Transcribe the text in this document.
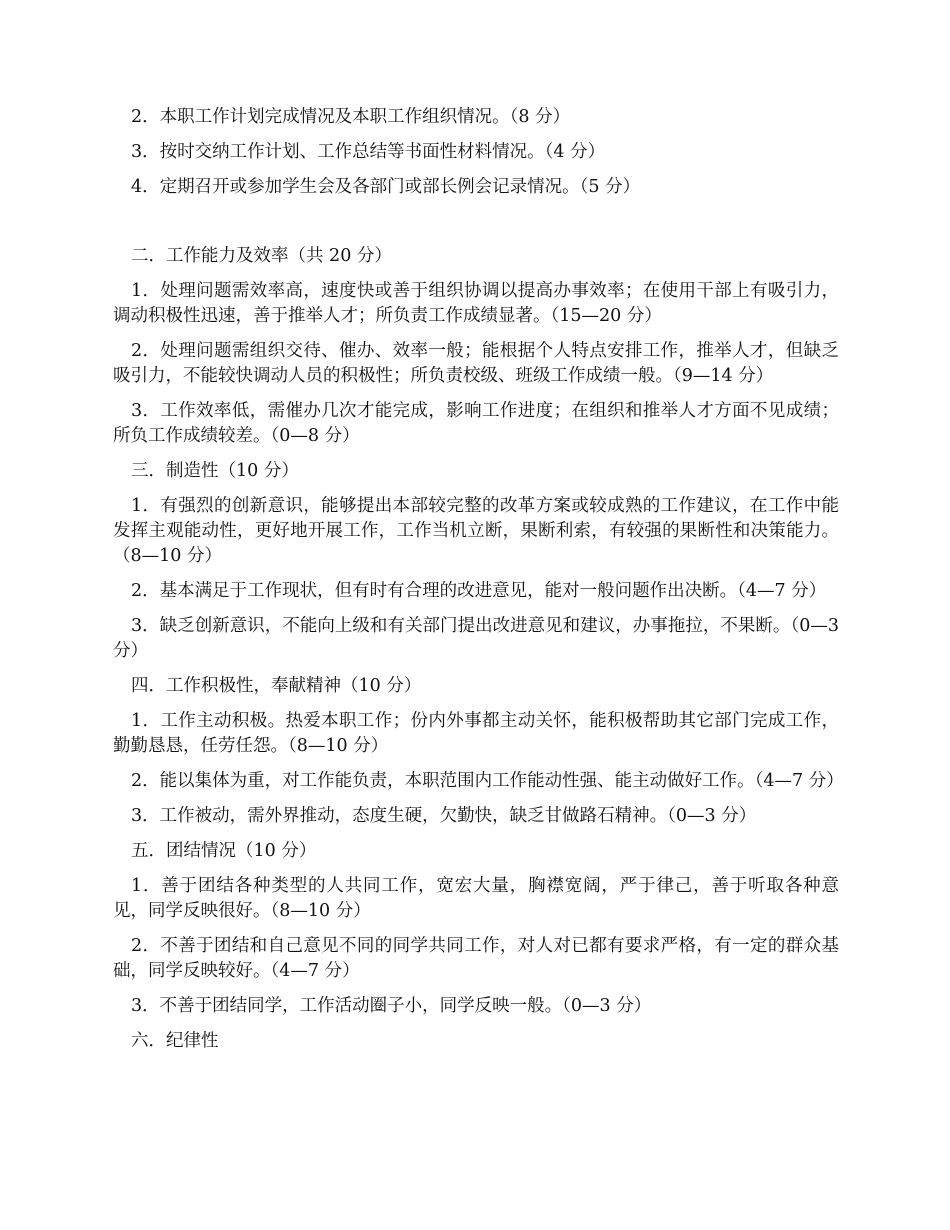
2．本职工作计划完成情况及本职工作组织情况。（8 分）

3．按时交纳工作计划、工作总结等书面性材料情况。（4 分）

4．定期召开或参加学生会及各部门或部长例会记录情况。（5 分）

二．工作能力及效率（共 20 分）

1．处理问题需效率高，速度快或善于组织协调以提高办事效率；在使用干部上有吸引力，调动积极性迅速，善于推举人才；所负责工作成绩显著。（15—20 分）

2．处理问题需组织交待、催办、效率一般；能根据个人特点安排工作，推举人才，但缺乏吸引力，不能较快调动人员的积极性；所负责校级、班级工作成绩一般。（9—14 分）

3．工作效率低，需催办几次才能完成，影响工作进度；在组织和推举人才方面不见成绩；所负工作成绩较差。（0—8 分）

三．制造性（10 分）

1．有强烈的创新意识，能够提出本部较完整的改革方案或较成熟的工作建议，在工作中能发挥主观能动性，更好地开展工作，工作当机立断，果断利索，有较强的果断性和决策能力。（8—10 分）

2．基本满足于工作现状，但有时有合理的改进意见，能对一般问题作出决断。（4—7 分）

3．缺乏创新意识，不能向上级和有关部门提出改进意见和建议，办事拖拉，不果断。（0—3 分）

四．工作积极性，奉献精神（10 分）

1．工作主动积极。热爱本职工作；份内外事都主动关怀，能积极帮助其它部门完成工作，勤勤恳恳，任劳任怨。（8—10 分）

2．能以集体为重，对工作能负责，本职范围内工作能动性强、能主动做好工作。（4—7 分）

3．工作被动，需外界推动，态度生硬，欠勤快，缺乏甘做路石精神。（0—3 分）

五．团结情况（10 分）

1．善于团结各种类型的人共同工作，宽宏大量，胸襟宽阔，严于律己，善于听取各种意见，同学反映很好。（8—10 分）

2．不善于团结和自己意见不同的同学共同工作，对人对已都有要求严格，有一定的群众基础，同学反映较好。（4—7 分）

3．不善于团结同学，工作活动圈子小，同学反映一般。（0—3 分）

六．纪律性
